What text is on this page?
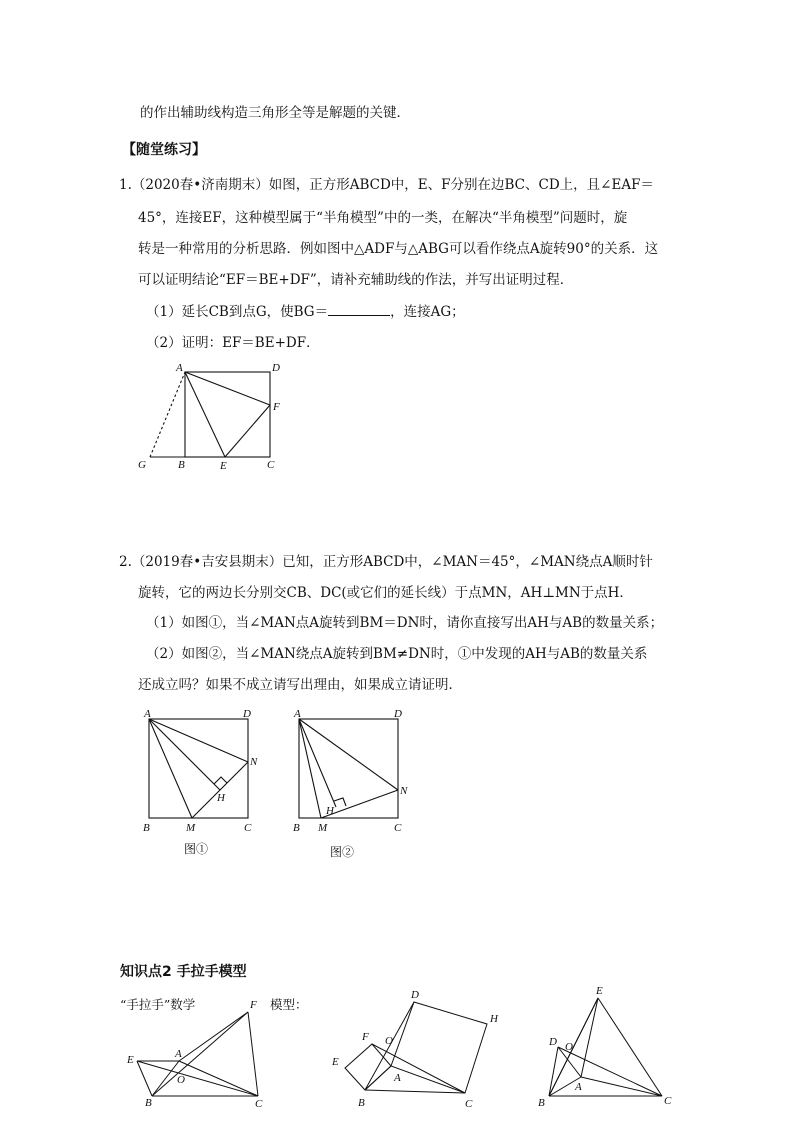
的作出辅助线构造三角形全等是解题的关键．
【随堂练习】
1.（2020春•济南期末）如图，正方形ABCD中，E、F分别在边BC、CD上，且∠EAF＝
45°，连接EF，这种模型属于“半角模型”中的一类，在解决“半角模型”问题时，旋
转是一种常用的分析思路．例如图中△ADF与△ABG可以看作绕点A旋转90°的关系．这
可以证明结论“EF＝BE+DF”，请补充辅助线的作法，并写出证明过程．
（1）延长CB到点G，使BG＝	，连接AG；
（2）证明：EF＝BE+DF．
A	D
F
G	B	E	C
2.（2019春•吉安县期末）已知，正方形ABCD中，∠MAN＝45°，∠MAN绕点A顺时针
旋转，它的两边长分别交CB、DC(或它们的延长线）于点MN，AH⊥MN于点H．
（1）如图①，当∠MAN点A旋转到BM＝DN时，请你直接写出AH与AB的数量关系；
（2）如图②，当∠MAN绕点A旋转到BM≠DN时，①中发现的AH与AB的数量关系
还成立吗？如果不成立请写出理由，如果成立请证明．
A	D
N
H
B	M	C
图①
A	D
N
H
B M	C
图②
知识点2 手拉手模型
“手拉手”数学	模型：
F
E	A
O
B	C
D
H
F O
E
A
B	C
E
D O
A
B	C
